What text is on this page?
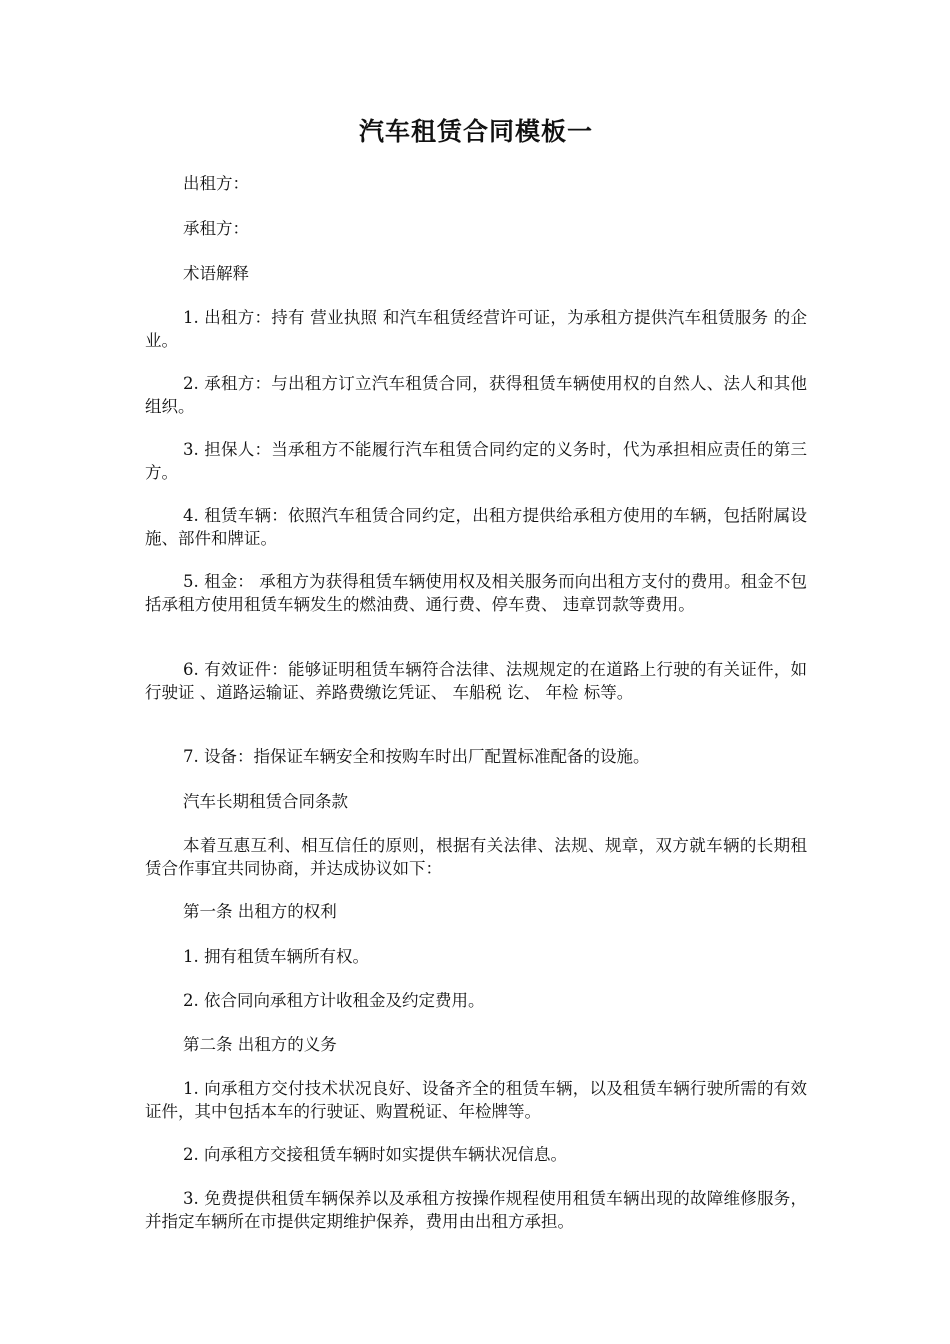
汽车租赁合同模板一
出租方：
承租方：
术语解释
1. 出租方：持有 营业执照 和汽车租赁经营许可证，为承租方提供汽车租赁服务 的企业。
2. 承租方：与出租方订立汽车租赁合同，获得租赁车辆使用权的自然人、法人和其他组织。
3. 担保人：当承租方不能履行汽车租赁合同约定的义务时，代为承担相应责任的第三方。
4. 租赁车辆：依照汽车租赁合同约定，出租方提供给承租方使用的车辆，包括附属设施、部件和牌证。
5. 租金： 承租方为获得租赁车辆使用权及相关服务而向出租方支付的费用。租金不包括承租方使用租赁车辆发生的燃油费、通行费、停车费、 违章罚款等费用。
6. 有效证件：能够证明租赁车辆符合法律、法规规定的在道路上行驶的有关证件，如 行驶证 、道路运输证、养路费缴讫凭证、 车船税 讫、 年检 标等。
7. 设备：指保证车辆安全和按购车时出厂配置标准配备的设施。
汽车长期租赁合同条款
本着互惠互利、相互信任的原则，根据有关法律、法规、规章，双方就车辆的长期租赁合作事宜共同协商，并达成协议如下：
第一条 出租方的权利
1. 拥有租赁车辆所有权。
2. 依合同向承租方计收租金及约定费用。
第二条 出租方的义务
1. 向承租方交付技术状况良好、设备齐全的租赁车辆，以及租赁车辆行驶所需的有效证件，其中包括本车的行驶证、购置税证、年检牌等。
2. 向承租方交接租赁车辆时如实提供车辆状况信息。
3. 免费提供租赁车辆保养以及承租方按操作规程使用租赁车辆出现的故障维修服务，并指定车辆所在市提供定期维护保养，费用由出租方承担。
